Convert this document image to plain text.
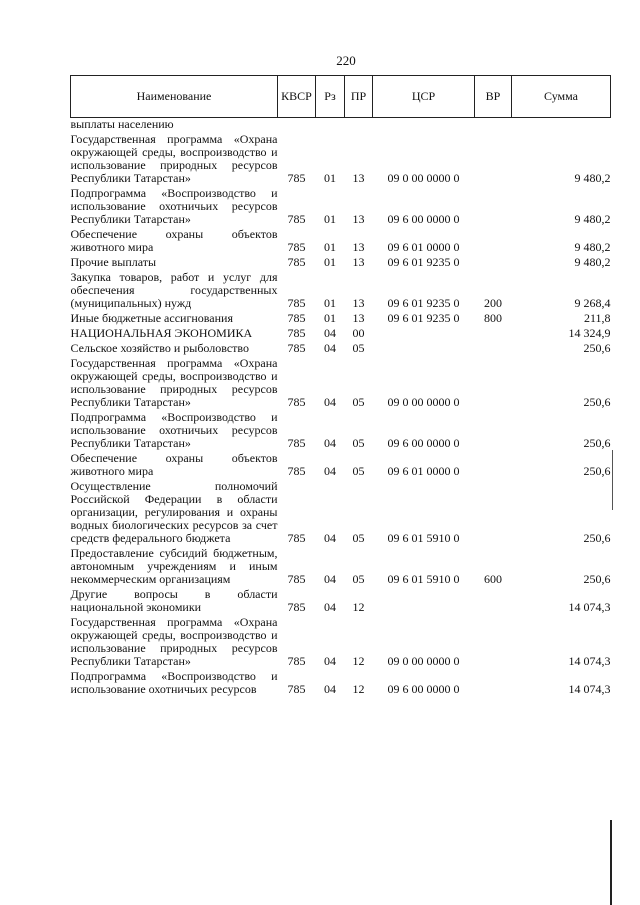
220
Наименование	КВСР	Рз	ПР	ЦСР	ВР	Сумма
выплаты населению						
Государственная программа «Охрана окружающей среды, воспроизводство и использование природных ресурсов Республики Татарстан»	785	01	13	09 0 00 0000 0		9 480,2
Подпрограмма «Воспроизводство и использование охотничьих ресурсов Республики Татарстан»	785	01	13	09 6 00 0000 0		9 480,2
Обеспечение охраны объектов животного мира	785	01	13	09 6 01 0000 0		9 480,2
Прочие выплаты	785	01	13	09 6 01 9235 0		9 480,2
Закупка товаров, работ и услуг для обеспечения государственных (муниципальных) нужд	785	01	13	09 6 01 9235 0	200	9 268,4
Иные бюджетные ассигнования	785	01	13	09 6 01 9235 0	800	211,8
НАЦИОНАЛЬНАЯ ЭКОНОМИКА	785	04	00			14 324,9
Сельское хозяйство и рыболовство	785	04	05			250,6
Государственная программа «Охрана окружающей среды, воспроизводство и использование природных ресурсов Республики Татарстан»	785	04	05	09 0 00 0000 0		250,6
Подпрограмма «Воспроизводство и использование охотничьих ресурсов Республики Татарстан»	785	04	05	09 6 00 0000 0		250,6
Обеспечение охраны объектов животного мира	785	04	05	09 6 01 0000 0		250,6
Осуществление полномочий Российской Федерации в области организации, регулирования и охраны водных биологических ресурсов за счет средств федерального бюджета	785	04	05	09 6 01 5910 0		250,6
Предоставление субсидий бюджетным, автономным учреждениям и иным некоммерческим организациям	785	04	05	09 6 01 5910 0	600	250,6
Другие вопросы в области национальной экономики	785	04	12			14 074,3
Государственная программа «Охрана окружающей среды, воспроизводство и использование природных ресурсов Республики Татарстан»	785	04	12	09 0 00 0000 0		14 074,3
Подпрограмма «Воспроизводство и использование охотничьих ресурсов	785	04	12	09 6 00 0000 0		14 074,3
